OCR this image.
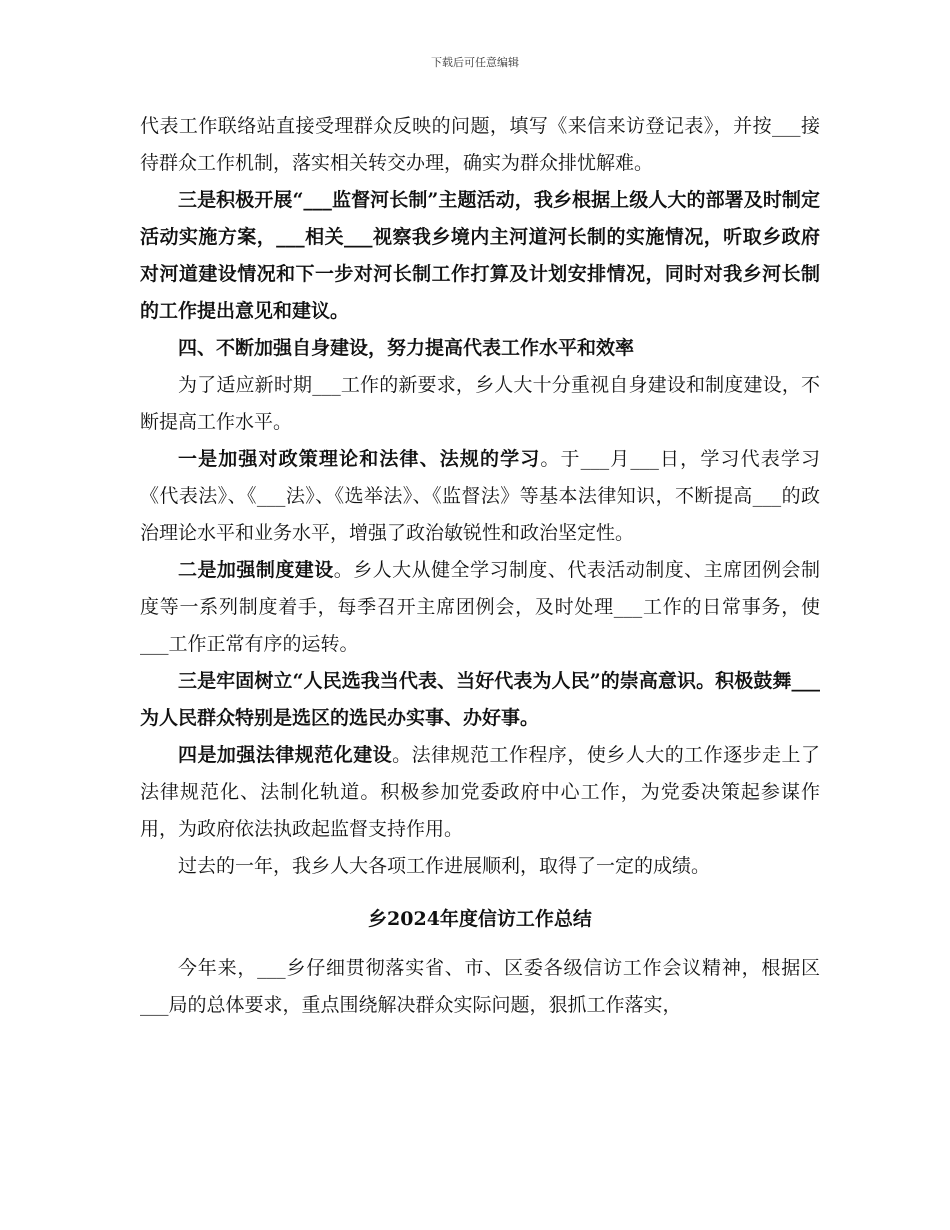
下载后可任意编辑

代表工作联络站直接受理群众反映的问题，填写《来信来访登记表》，并按___接待群众工作机制，落实相关转交办理，确实为群众排忧解难。

三是积极开展“___监督河长制”主题活动，我乡根据上级人大的部署及时制定活动实施方案，___相关___视察我乡境内主河道河长制的实施情况，听取乡政府对河道建设情况和下一步对河长制工作打算及计划安排情况，同时对我乡河长制的工作提出意见和建议。

四、不断加强自身建设，努力提高代表工作水平和效率

为了适应新时期___工作的新要求，乡人大十分重视自身建设和制度建设，不断提高工作水平。

一是加强对政策理论和法律、法规的学习。于___月___日，学习代表学习《代表法》、《___法》、《选举法》、《监督法》等基本法律知识，不断提高___的政治理论水平和业务水平，增强了政治敏锐性和政治坚定性。

二是加强制度建设。乡人大从健全学习制度、代表活动制度、主席团例会制度等一系列制度着手，每季召开主席团例会，及时处理___工作的日常事务，使___工作正常有序的运转。

三是牢固树立“人民选我当代表、当好代表为人民”的崇高意识。积极鼓舞___为人民群众特别是选区的选民办实事、办好事。

四是加强法律规范化建设。法律规范工作程序，使乡人大的工作逐步走上了法律规范化、法制化轨道。积极参加党委政府中心工作，为党委决策起参谋作用，为政府依法执政起监督支持作用。

过去的一年，我乡人大各项工作进展顺利，取得了一定的成绩。

乡2024年度信访工作总结

今年来，___乡仔细贯彻落实省、市、区委各级信访工作会议精神，根据区___局的总体要求，重点围绕解决群众实际问题，狠抓工作落实，
